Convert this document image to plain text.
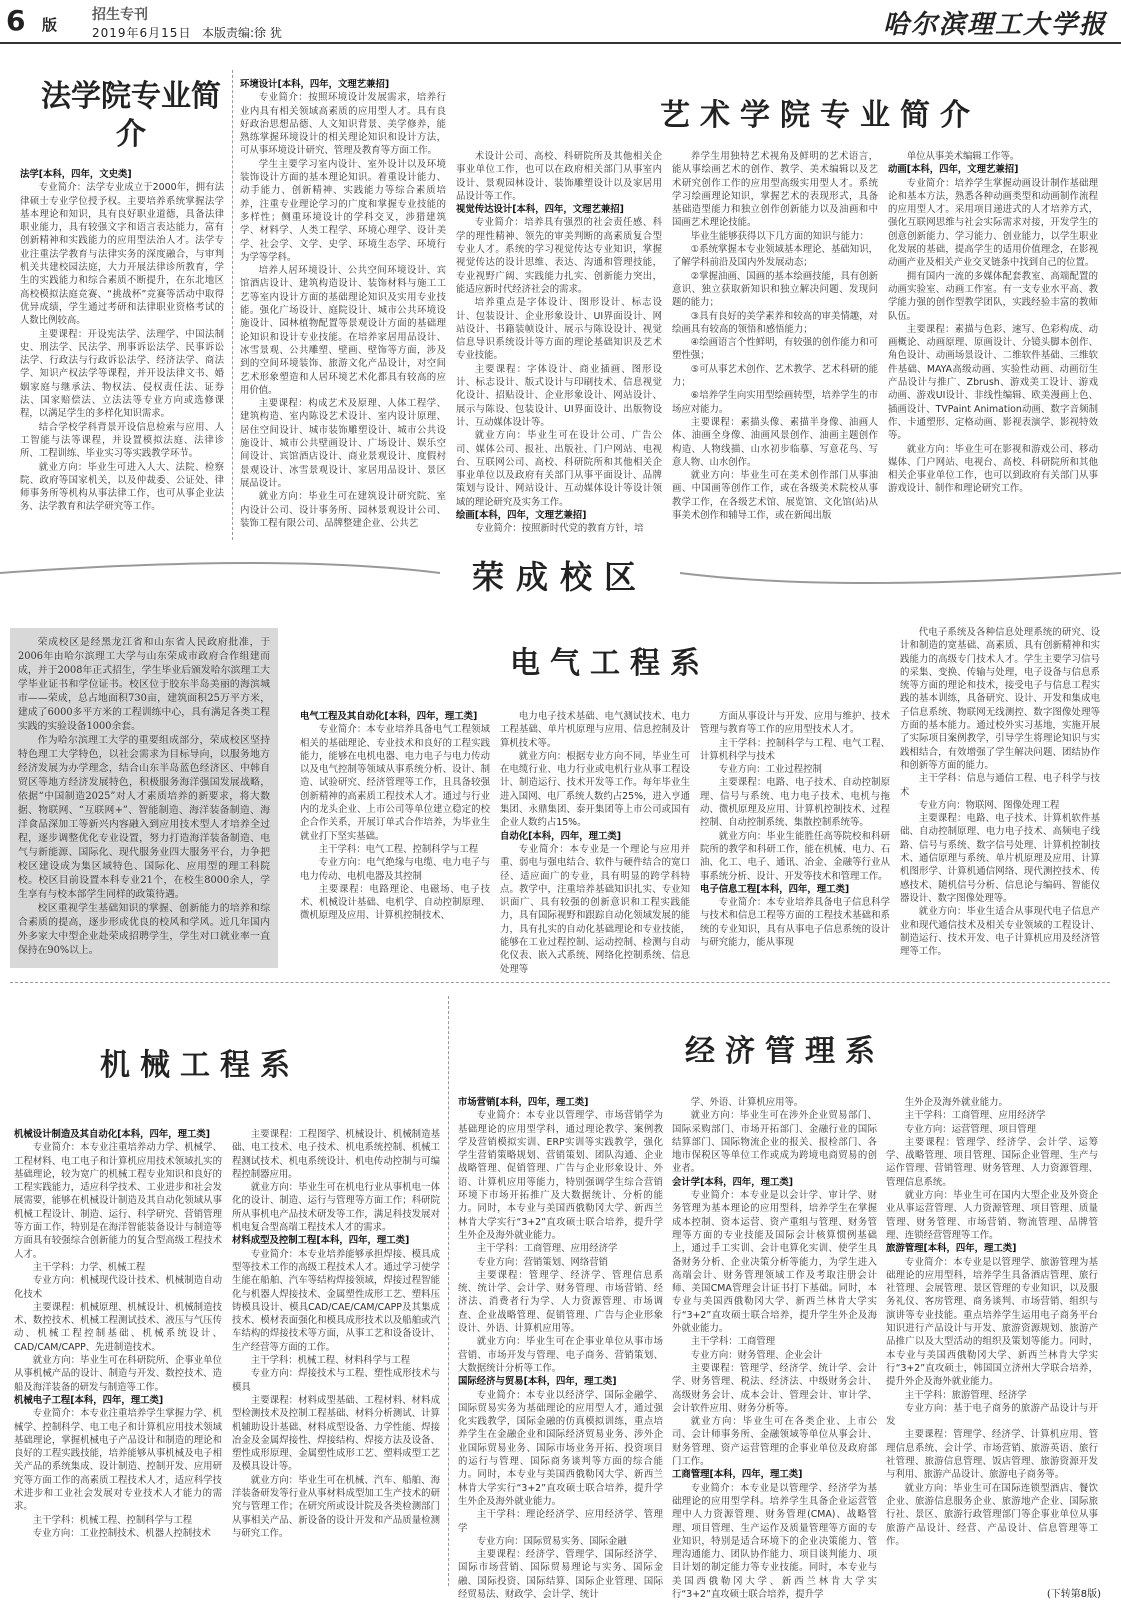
6 版
招生专刊
2019年6月15日 本版责编:徐 犹	哈尔滨理工大学报
法学院专业简介

法学[本科，四年，文史类]

专业简介：法学专业成立于2000年，拥有法律硕士专业学位授予权。主要培养系统掌握法学基本理论和知识，具有良好职业道德，具备法律职业能力，具有较强文字和语言表达能力，富有创新精神和实践能力的应用型法治人才。法学专业注重法学教育与法律实务的深度融合，与审判机关共建校园法庭，大力开展法律诊所教育，学生的实践能力和综合素质不断提升，在东北地区高校模拟法庭竞赛、“挑战杯”竞赛等活动中取得优异成绩，学生通过考研和法律职业资格考试的人数比例较高。

主要课程：开设宪法学、法理学、中国法制史、刑法学、民法学、刑事诉讼法学、民事诉讼法学、行政法与行政诉讼法学、经济法学、商法学、知识产权法学等课程，并开设法律文书、婚姻家庭与继承法、物权法、侵权责任法、证券法、国家赔偿法、立法法等专业方向或选修课程，以满足学生的多样化知识需求。

结合学校学科背景开设信息检索与应用、人工智能与法等课程，并设置模拟法庭、法律诊所、工程训练、毕业实习等实践教学环节。

就业方向：毕业生可进入人大、法院、检察院、政府等国家机关，以及仲裁委、公证处、律师事务所等机构从事法律工作，也可从事企业法务、法学教育和法学研究等工作。

艺术学院专业简介

环境设计[本科，四年，文理艺兼招]

专业简介：按照环境设计发展需求，培养行业内具有相关领域高素质的应用型人才。具有良好政治思想品德、人文知识背景、美学修养，能熟练掌握环境设计的相关理论知识和设计方法，可从事环境设计研究、管理及教育等方面工作。

学生主要学习室内设计、室外设计以及环境装饰设计方面的基本理论知识。着重设计能力、动手能力、创新精神、实践能力等综合素质培养，注重专业理论学习的广度和掌握专业技能的多样性；侧重环境设计的学科交叉，涉猎建筑学、材料学、人类工程学、环境心理学、设计美学、社会学、文学、史学、环境生态学、环境行为学等学科。

培养人居环境设计、公共空间环境设计、宾馆酒店设计、建筑构造设计、装饰材料与施工工艺等室内设计方面的基础理论知识及实用专业技能。强化广场设计、庭院设计、城市公共环境设施设计、园林植物配置等景观设计方面的基础理论知识和设计专业技能。在培养家居用品设计、冰雪景观、公共雕塑、壁画、壁饰等方面，涉及到的空间环境装饰、旅游文化产品设计，对空间艺术形象塑造和人居环境艺术化都具有较高的应用价值。

主要课程：构成艺术及原理、人体工程学、建筑构造、室内陈设艺术设计、室内设计原理、居住空间设计、城市装饰雕塑设计、城市公共设施设计、城市公共壁画设计、广场设计、娱乐空间设计、宾馆酒店设计、商业景观设计、度假村景观设计、冰雪景观设计、家居用品设计、景区展品设计。

就业方向：毕业生可在建筑设计研究院、室内设计公司、设计事务所、园林景观设计公司、装饰工程有限公司、品牌整建企业、公共艺

术设计公司、高校、科研院所及其他相关企事业单位工作，也可以在政府相关部门从事室内设计、景观园林设计、装饰雕塑设计以及家居用品设计等工作。

视觉传达设计[本科，四年，文理艺兼招]

专业简介：培养具有强烈的社会责任感、科学的理性精神、领先的审美判断的高素质复合型专业人才。系统的学习视觉传达专业知识，掌握视觉传达的设计思维、表达、沟通和管理技能，专业视野广阔、实践能力扎实、创新能力突出，能适应新时代经济社会的需求。

培养重点是字体设计、图形设计、标志设计、包装设计、企业形象设计、UI界面设计、网站设计、书籍装帧设计、展示与陈设设计、视觉信息导识系统设计等方面的理论基础知识及艺术专业技能。

主要课程：字体设计、商业插画、图形设计、标志设计、版式设计与印刷技术、信息视觉化设计、招贴设计、企业形象设计、网站设计、展示与陈设、包装设计、UI界面设计、出版物设计、互动媒体设计等。

就业方向：毕业生可在设计公司、广告公司、媒体公司、报社、出版社、门户网站、电视台、互联网公司、高校、科研院所和其他相关企事业单位以及政府有关部门从事平面设计、品牌策划与设计、网站设计、互动媒体设计等设计领域的理论研究及实务工作。

绘画[本科，四年，文理艺兼招]

专业简介：按照新时代党的教育方针，培

养学生用独特艺术视角及鲜明的艺术语言，能从事绘画艺术的创作、教学、美术编辑以及艺术研究创作工作的应用型高级实用型人才。系统学习绘画理论知识，掌握艺术的表现形式，具备基础造型能力和独立创作创新能力以及油画和中国画艺术理论技能。

毕业生能够获得以下几方面的知识与能力：

①系统掌握本专业领域基本理论、基础知识，了解学科前沿及国内外发展动态；

②掌握油画、国画的基本绘画技能，具有创新意识、独立获取新知识和独立解决问题、发现问题的能力；

③具有良好的美学素养和较高的审美情趣，对绘画具有较高的领悟和感悟能力；

④绘画语言个性鲜明，有较强的创作能力和可塑性强；

⑤可从事艺术创作、艺术教学、艺术科研的能力；

⑥培养学生向实用型绘画转型，培养学生的市场应对能力。

主要课程：素描头像、素描半身像、油画人体、油画全身像、油画风景创作、油画主题创作构造、人物线描、山水初步临摹、写意花鸟、写意人物、山水创作。

就业方向：毕业生可在美术创作部门从事油画、中国画等创作工作，或在各级美术院校从事教学工作，在各级艺术馆、展览馆、文化馆(站)从事美术创作和辅导工作，或在新闻出版

单位从事美术编辑工作等。

动画[本科，四年，文理艺兼招]

专业简介：培养学生掌握动画设计制作基础理论和基本方法，熟悉各种动画类型和动画制作流程的应用型人才。采用项目递进式的人才培养方式，强化互联网思维与社会实际需求对接，开发学生的创意创新能力、学习能力、创业能力，以学生职业化发展的基础，提高学生的适用价值理念，在影视动画产业及相关产业交叉链条中找到自己的位置。

拥有国内一流的多媒体配套教室、高端配置的动画实验室、动画工作室。有一支专业水平高、教学能力强的创作型教学团队，实践经验丰富的教师队伍。

主要课程：素描与色彩、速写、色彩构成、动画概论、动画原理、原画设计、分镜头脚本创作、角色设计、动画场景设计、二维软件基础、三维软件基础、MAYA高级动画、实验性动画、动画衍生产品设计与推广、Zbrush、游戏美工设计、游戏动画、游戏UI设计、非线性编辑、欧美漫画上色、插画设计、TVPaint Animation动画、数字音频制作、卡通塑形、定格动画、影视表演学、影视特效等。

就业方向：毕业生可在影视和游戏公司、移动媒体、门户网站、电视台、高校、科研院所和其他相关企事业单位工作，也可以到政府有关部门从事游戏设计、制作和理论研究工作。

荣成校区

荣成校区是经黑龙江省和山东省人民政府批准，于2006年由哈尔滨理工大学与山东荣成市政府合作组建而成，并于2008年正式招生，学生毕业后颁发哈尔滨理工大学毕业证书和学位证书。校区位于胶东半岛美丽的海滨城市——荣成，总占地面积730亩，建筑面积25万平方米，建成了6000多平方米的工程训练中心，具有满足各类工程实践的实验设备1000余套。

作为哈尔滨理工大学的重要组成部分，荣成校区坚持特色理工大学特色，以社会需求为目标导向，以服务地方经济发展为办学理念，结合山东半岛蓝色经济区、中韩自贸区等地方经济发展特色，积极服务海洋强国发展战略，依据“中国制造2025”对人才素质培养的新要求，将大数据、物联网、“互联网+”、智能制造、海洋装备制造、海洋食品深加工等新兴内容融入到应用技术型人才培养全过程，逐步调整优化专业设置，努力打造海洋装备制造、电气与新能源、国际化、现代服务业四大服务平台，力争把校区建设成为集区域特色、国际化、应用型的理工科院校。校区目前设置本科专业21个，在校生8000余人，学生享有与校本部学生同样的政策待遇。

校区重视学生基础知识的掌握、创新能力的培养和综合素质的提高，逐步形成优良的校风和学风。近几年国内外多家大中型企业赴荣成招聘学生，学生对口就业率一直保持在90%以上。

电气工程系

电气工程及其自动化[本科，四年，理工类]

专业简介：本专业培养具备电气工程领域相关的基础理论、专业技术和良好的工程实践能力，能够在电机电器、电力电子与电力传动以及电气控制等领域从事系统分析、设计、制造、试验研究、经济管理等工作，且具备较强创新精神的高素质工程技术人才。通过与行业内的龙头企业、上市公司等单位建立稳定的校企合作关系，开展订单式合作培养，为毕业生就业打下坚实基础。

主干学科：电气工程、控制科学与工程

专业方向：电气绝缘与电缆、电力电子与电力传动、电机电器及其控制

主要课程：电路理论、电磁场、电子技术、机械设计基础、电机学、自动控制原理、微机原理及应用、计算机控制技术、

电力电子技术基础、电气测试技术、电力工程基础、单片机原理与应用、信息控制及计算机技术等。

就业方向：根据专业方向不同，毕业生可在电缆行业、电力行业或电机行业从事工程设计、制造运行、技术开发等工作。每年毕业生进入国网、电厂系统人数约占25%，进入亨通集团、永鼎集团、泰开集团等上市公司或国有企业人数约占15%。

自动化[本科，四年，理工类]

专业简介：本专业是一个理论与应用并重、弱电与强电结合、软件与硬件结合的宽口径、适应面广的专业，具有明显的跨学科特点。教学中，注重培养基础知识扎实、专业知识面广、具有较强的创新意识和工程实践能力，具有国际视野和跟踪自动化领域发展的能力，具有扎实的自动化基础理论和专业技能，能够在工业过程控制、运动控制、检测与自动化仪表、嵌入式系统、网络化控制系统、信息处理等

方面从事设计与开发、应用与维护、技术管理与教育等工作的应用型技术人才。

主干学科：控制科学与工程、电气工程、计算机科学与技术

专业方向：工业过程控制

主要课程：电路、电子技术、自动控制原理、信号与系统、电力电子技术、电机与拖动、微机原理及应用、计算机控制技术、过程控制、自动控制系统、集散控制系统等。

就业方向：毕业生能胜任高等院校和科研院所的教学和科研工作，能在机械、电力、石油、化工、电子、通讯、冶金、金融等行业从事系统分析、设计、开发等技术和管理工作。

电子信息工程[本科，四年，理工类]

专业简介：本专业培养具备电子信息科学与技术和信息工程等方面的工程技术基础和系统的专业知识，具有从事电子信息系统的设计与研究能力，能从事现

代电子系统及各种信息处理系统的研究、设计和制造的宽基础、高素质、具有创新精神和实践能力的高级专门技术人才。学生主要学习信号的采集、变换、传输与处理，电子设备与信息系统等方面的理论和技术，接受电子与信息工程实践的基本训练，具备研究、设计、开发和集成电子信息系统、物联网无线测控、数字图像处理等方面的基本能力。通过校外实习基地，实施开展了实际项目案例教学，引导学生将理论知识与实践相结合，有效增强了学生解决问题、团结协作和创新等方面的能力。

主干学科：信息与通信工程、电子科学与技术

专业方向：物联网、图像处理工程

主要课程：电路、电子技术、计算机软件基础、自动控制原理、电力电子技术、高频电子线路、信号与系统、数字信号处理、计算机控制技术、通信原理与系统、单片机原理及应用、计算机图形学、计算机通信网络、现代测控技术、传感技术、随机信号分析、信息论与编码、智能仪器设计、数字图像处理等。

就业方向：毕业生适合从事现代电子信息产业和现代通信技术及相关专业领域的工程设计、制造运行、技术开发、电子计算机应用及经济管理等工作。

机械工程系

机械设计制造及其自动化[本科，四年，理工类]

专业简介：本专业注重培养动力学、机械学、工程材料、电工电子和计算机应用技术领域扎实的基础理论，较为宽广的机械工程专业知识和良好的工程实践能力，适应科学技术、工业进步和社会发展需要，能够在机械设计制造及其自动化领域从事机械工程设计、制造、运行、科学研究、营销管理等方面工作，特别是在海洋智能装备设计与制造等方面具有较强综合创新能力的复合型高级工程技术人才。

主干学科：力学、机械工程

专业方向：机械现代设计技术、机械制造自动化技术

主要课程：机械原理、机械设计、机械制造技术、数控技术、机械工程测试技术、液压与气压传动、机械工程控制基础、机械系统设计、CAD/CAM/CAPP、先进制造技术。

就业方向：毕业生可在科研院所、企事业单位从事机械产品的设计、制造与开发、数控技术、造船及海洋装备的研发与制造等工作。

机械电子工程[本科，四年，理工类]

专业简介：本专业注重培养学生掌握力学、机械学、控制科学、电工电子和计算机应用技术领域基础理论，掌握机械电子产品设计和制造的理论和良好的工程实践技能，培养能够从事机械及电子相关产品的系统集成、设计制造、控制开发、应用研究等方面工作的高素质工程技术人才，适应科学技术进步和工业社会发展对专业技术人才能力的需求。

主干学科：机械工程、控制科学与工程

专业方向：工业控制技术、机器人控制技术

主要课程：工程图学、机械设计、机械制造基础、电工技术、电子技术、机电系统控制、机械工程测试技术、机电系统设计、机电传动控制与可编程控制器应用。

就业方向：毕业生可在机电行业从事机电一体化的设计、制造、运行与管理等方面工作；科研院所从事机电产品技术研发等工作，满足科技发展对机电复合型高端工程技术人才的需求。

材料成型及控制工程[本科，四年，理工类]

专业简介：本专业培养能够承担焊接、模具成型等技术工作的高级工程技术人才。通过学习使学生能在船舶、汽车等结构焊接领域，焊接过程智能化与机器人焊接技术、金属塑性成形工艺、塑料压铸模具设计、模具CAD/CAE/CAM/CAPP及其集成技术、模材表面强化和模具成形技术以及船舶或汽车结构的焊接技术等方面，从事工艺和设备设计、生产经营等方面的工作。

主干学科：机械工程、材料科学与工程

专业方向：焊接技术与工程、塑性成形技术与模具

主要课程：材料成型基础、工程材料、材料成型检测技术及控制工程基础、材料分析测试、计算机辅助设计基础、材料成型设备、力学性能、焊接冶金及金属焊接性、焊接结构、焊接方法及设备、塑性成形原理、金属塑性成形工艺、塑料成型工艺及模具设计等。

就业方向：毕业生可在机械、汽车、船舶、海洋装备研发等行业从事材料成型加工生产技术的研究与管理工作；在研究所或设计院及各类检测部门从事相关产品、新设备的设计开发和产品质量检测与研究工作。

经济管理系

市场营销[本科，四年，理工类]

专业简介：本专业以管理学、市场营销学为基础理论的应用型学科，通过理论教学、案例教学及营销模拟实训、ERP实训等实践教学，强化学生营销策略规划、营销策划、团队沟通、企业战略管理、促销管理、广告与企业形象设计、外语、计算机应用等能力，特别强调学生综合营销环境下市场开拓推广及大数据统计、分析的能力。同时，本专业与美国西俄勒冈大学、新西兰林肯大学实行“3+2”直攻硕士联合培养，提升学生外企及海外就业能力。

主干学科：工商管理、应用经济学

专业方向：营销策划、网络营销

主要课程：管理学、经济学、管理信息系统、统计学、会计学、财务管理、市场营销、经济法、消费者行为学、人力资源管理、市场调查、企业战略管理、促销管理、广告与企业形象设计、外语、计算机应用等。

就业方向：毕业生可在企事业单位从事市场营销、市场开发与管理、电子商务、营销策划、大数据统计分析等工作。

国际经济与贸易[本科，四年，理工类]

专业简介：本专业以经济学、国际金融学、国际贸易实务为基础理论的应用型人才，通过强化实践教学，国际金融的仿真模拟训练，重点培养学生在金融企业和国际经济贸易业务、涉外企业国际贸易业务、国际市场业务开拓、投资项目的运行与管理、国际商务谈判等方面的综合能力。同时，本专业与美国西俄勒冈大学、新西兰林肯大学实行“3+2”直攻硕士联合培养，提升学生外企及海外就业能力。

主干学科：理论经济学、应用经济学、管理学

专业方向：国际贸易实务、国际金融

主要课程：经济学、管理学、国际经济学、国际市场营销、国际贸易理论与实务、国际金融、国际投资、国际结算、国际企业管理、国际经贸易法、财政学、会计学、统计

学、外语、计算机应用等。

就业方向：毕业生可在涉外企业贸易部门、国际采购部门、市场开拓部门、金融行业的国际结算部门、国际物流企业的报关、报检部门、各地市保税区等单位工作或成为跨境电商贸易的创业者。

会计学[本科，四年，理工类]

专业简介：本专业是以会计学、审计学、财务管理为基本理论的应用型科，培养学生在掌握成本控制、资本运营、资产重组与管理、财务管理等方面的专业技能及国际会计核算惯例基础上，通过手工实训、会计电算化实训、使学生具备财务分析、企业决策分析等能力，为学生进入高端会计、财务管理领域工作及考取注册会计师、美国CMA管理会计证书打下基础。同时，本专业与美国西俄勒冈大学、新西兰林肯大学实行“3+2”直攻硕士联合培养，提升学生外企及海外就业能力。

主干学科：工商管理

专业方向：财务管理、企业会计

主要课程：管理学、经济学、统计学、会计学、财务管理、税法、经济法、中级财务会计、高级财务会计、成本会计、管理会计、审计学、会计软件应用、财务分析等。

就业方向：毕业生可在各类企业、上市公司、会计师事务所、金融领域等单位从事会计、财务管理、资产运营管理的企事业单位及政府部门工作。

工商管理[本科，四年，理工类]

专业简介：本专业是以管理学、经济学为基础理论的应用型学科。培养学生具备企业运营管理中人力资源管理、财务管理(CMA)、战略管理、项目管理、生产运作及质量管理等方面的专业知识，特别是适合环境下的企业决策能力、管理沟通能力、团队协作能力、项目谈判能力、项目计划的制定能力等专业技能。同时，本专业与美国西俄勒冈大学、新西兰林肯大学实行“3+2”直攻硕士联合培养，提升学

生外企及海外就业能力。

主干学科：工商管理、应用经济学

专业方向：运营管理、项目管理

主要课程：管理学、经济学、会计学、运筹学、战略管理、项目管理、国际企业管理、生产与运作管理、营销管理、财务管理、人力资源管理、管理信息系统。

就业方向：毕业生可在国内大型企业及外资企业从事运营管理、人力资源管理、项目管理、质量管理、财务管理、市场营销、物流管理、品牌管理、连锁经营管理等工作。

旅游管理[本科，四年，理工类]

专业简介：本专业是以管理学、旅游管理为基础理论的应用型科，培养学生具备酒店管理、旅行社管理、会展管理、景区管理的专业知识，以及服务礼仪、客房管理、商务谈判、市场营销、组织与演讲等专业技能。重点培养学生运用电子商务平台知识进行产品设计与开发、旅游资源规划、旅游产品推广以及大型活动的组织及策划等能力。同时，本专业与美国西俄勒冈大学、新西兰林肯大学实行“3+2”直攻硕士，韩国国立济州大学联合培养，提升外企及海外就业能力。

主干学科：旅游管理、经济学

专业方向：基于电子商务的旅游产品设计与开发

主要课程：管理学、经济学、计算机应用、管理信息系统、会计学、市场营销、旅游英语、旅行社管理、旅游信息管理、饭店管理、旅游资源开发与利用、旅游产品设计、旅游电子商务等。

就业方向：毕业生可在国际连锁型酒店、餐饮企业、旅游信息服务企业、旅游地产企业、国际旅行社、景区、旅游行政管理部门等企事业单位从事旅游产品设计、经营、产品设计、信息管理等工作。

(下转第8版)
